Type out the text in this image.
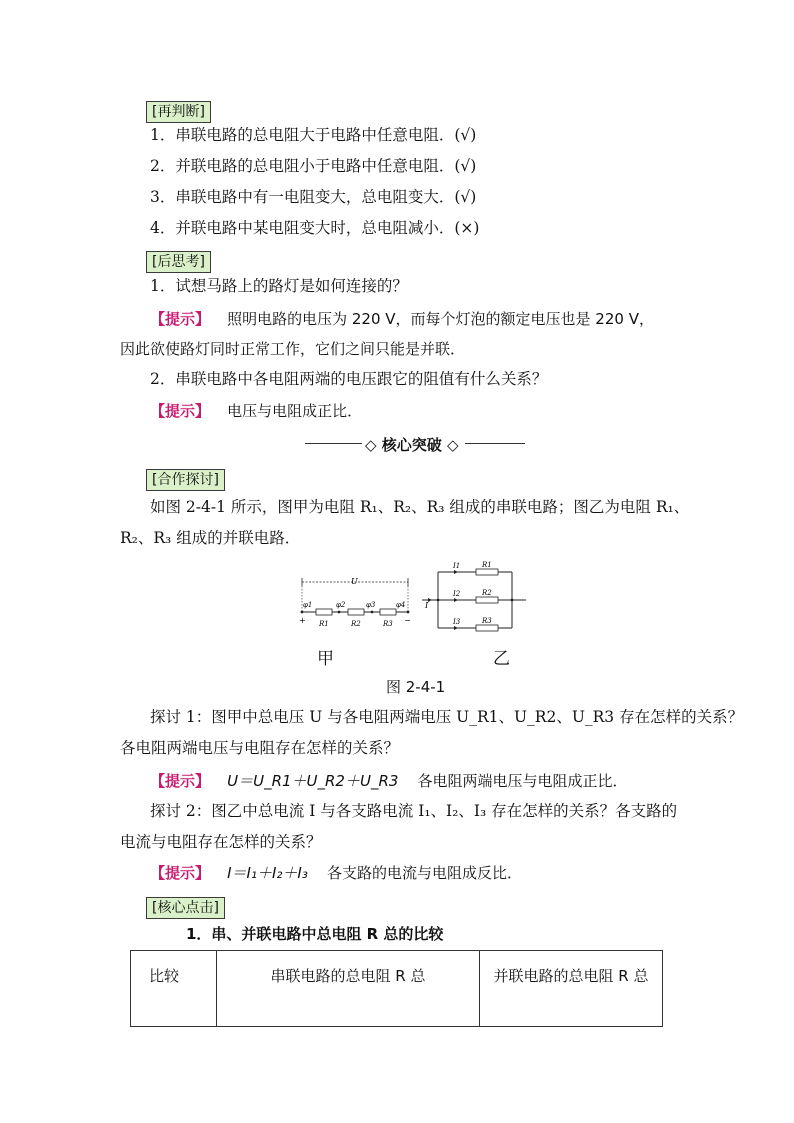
[再判断]
1．串联电路的总电阻大于电路中任意电阻．(√)
2．并联电路的总电阻小于电路中任意电阻．(√)
3．串联电路中有一电阻变大，总电阻变大．(√)
4．并联电路中某电阻变大时，总电阻减小．(×)
[后思考]
1．试想马路上的路灯是如何连接的？
【提示】 照明电路的电压为 220 V，而每个灯泡的额定电压也是 220 V，
因此欲使路灯同时正常工作，它们之间只能是并联．
2．串联电路中各电阻两端的电压跟它的阻值有什么关系？
【提示】 电压与电阻成正比．
◇ 核心突破 ◇
[合作探讨]
如图 2-4-1 所示，图甲为电阻 R₁、R₂、R₃ 组成的串联电路；图乙为电阻 R₁、
R₂、R₃ 组成的并联电路．
U
φ1	φ2	φ3	φ4
+	−
R1	R2	R3
I1
I2
I3
I
R1
R2
R3
甲	乙
图 2-4-1
探讨 1：图甲中总电压 U 与各电阻两端电压 U_R1、U_R2、U_R3 存在怎样的关系？
各电阻两端电压与电阻存在怎样的关系？
【提示】 U＝U_R1＋U_R2＋U_R3 各电阻两端电压与电阻成正比．
探讨 2：图乙中总电流 I 与各支路电流 I₁、I₂、I₃ 存在怎样的关系？各支路的
电流与电阻存在怎样的关系？
【提示】 I＝I₁＋I₂＋I₃ 各支路的电流与电阻成反比．
[核心点击]
1．串、并联电路中总电阻 R 总的比较
比较	串联电路的总电阻 R 总	并联电路的总电阻 R 总
